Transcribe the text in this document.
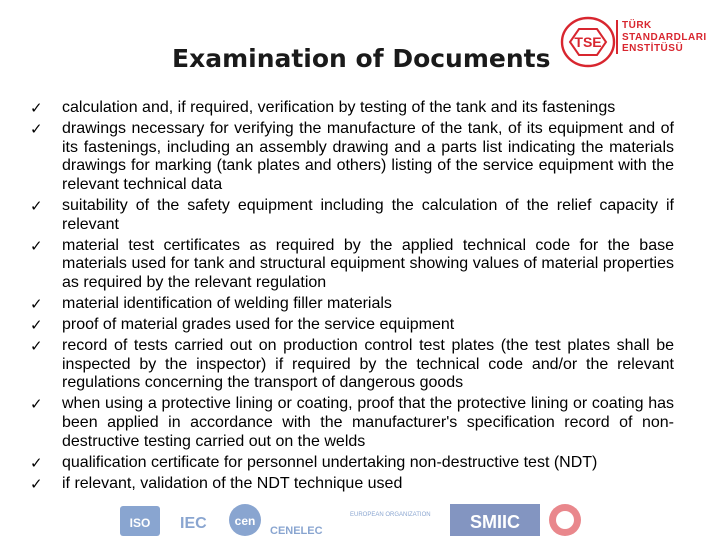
Examination of Documents
TSE
TÜRK
STANDARDLARI
ENSTİTÜSÜ
✓ calculation and, if required, verification by testing of the tank and its fastenings
✓ drawings necessary for verifying the manufacture of the tank, of its equipment and of its fastenings, including an assembly drawing and a parts list indicating the materials drawings for marking (tank plates and others) listing of the service equipment with the relevant technical data
✓ suitability of the safety equipment including the calculation of the relief capacity if relevant
✓ material test certificates as required by the applied technical code for the base materials used for tank and structural equipment showing values of material properties as required by the relevant regulation
✓ material identification of welding filler materials
✓ proof of material grades used for the service equipment
✓ record of tests carried out on production control test plates (the test plates shall be inspected by the inspector) if required by the technical code and/or the relevant regulations concerning the transport of dangerous goods
✓ when using a protective lining or coating, proof that the protective lining or coating has been applied in accordance with the manufacturer's specification record of non-destructive testing carried out on the welds
✓ qualification certificate for personnel undertaking non-destructive test (NDT)
✓ if relevant, validation of the NDT technique used
ISO IEC cen
CENELEC
EUROPEAN ORGANIZATION SMIIC
